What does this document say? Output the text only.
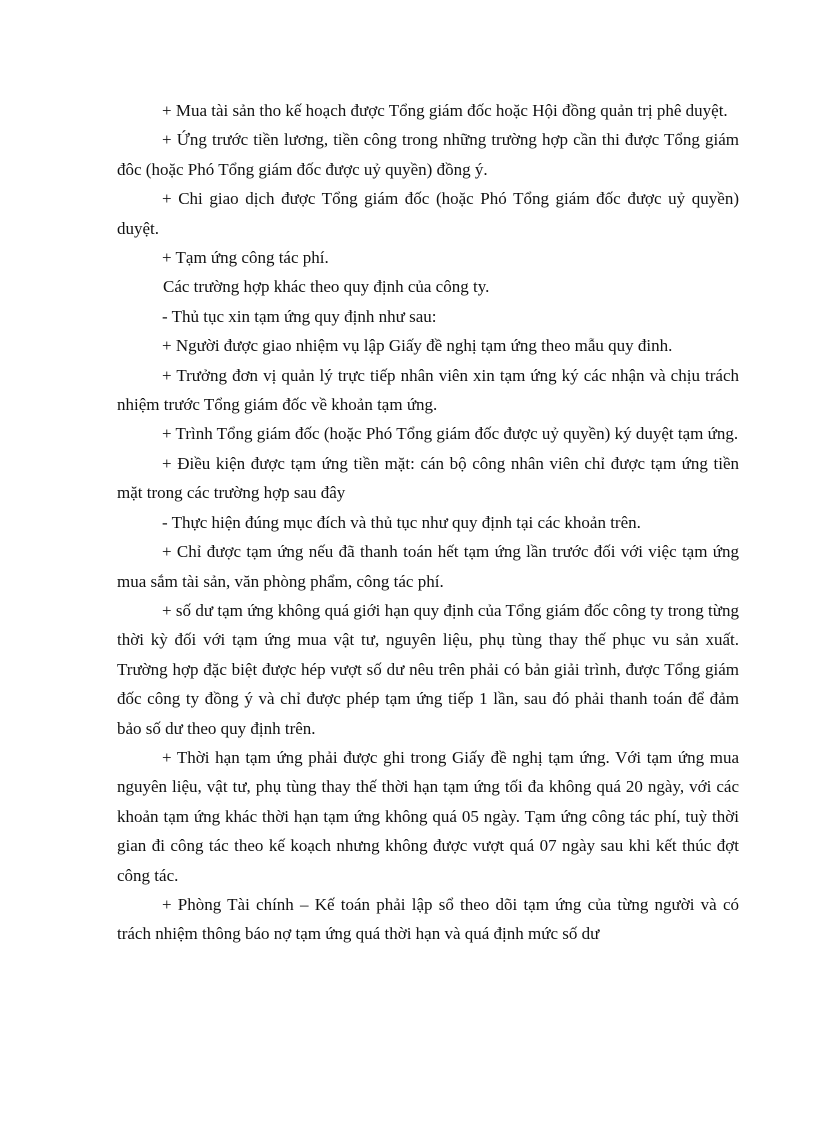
+ Mua tài sản tho kế hoạch được Tổng giám đốc hoặc Hội đồng quản trị phê duyệt.

+ Ứng trước tiền lương, tiền công trong những trường hợp cần thi được Tổng giám đôc (hoặc Phó Tổng giám đốc được uỷ quyền) đồng ý.

+ Chi giao dịch được Tổng giám đốc (hoặc Phó Tổng giám đốc được uỷ quyền) duyệt.

+ Tạm ứng công tác phí.

Các trường hợp khác theo quy định của công ty.

- Thủ tục xin tạm ứng quy định như sau:

+ Người được giao nhiệm vụ lập Giấy đề nghị tạm ứng theo mẫu quy đinh.

+ Trưởng đơn vị quản lý trực tiếp nhân viên xin tạm ứng ký các nhận và chịu trách nhiệm trước Tổng giám đốc về khoản tạm ứng.

+ Trình Tổng giám đốc (hoặc Phó Tổng giám đốc được uỷ quyền) ký duyệt tạm ứng.

+ Điều kiện được tạm ứng tiền mặt: cán bộ công nhân viên chỉ được tạm ứng tiền mặt trong các trường hợp sau đây

- Thực hiện đúng mục đích và thủ tục như quy định tại các khoản trên.

+ Chỉ được tạm ứng nếu đã thanh toán hết tạm ứng lần trước đối với việc tạm ứng mua sắm tài sản, văn phòng phẩm, công tác phí.

+ số dư tạm ứng không quá giới hạn quy định của Tổng giám đốc công ty trong từng thời kỳ đối với tạm ứng mua vật tư, nguyên liệu, phụ tùng thay thế phục vu sản xuất. Trường hợp đặc biệt được hép vượt số dư nêu trên phải có bản giải trình, được Tổng giám đốc công ty đồng ý và chỉ được phép tạm ứng tiếp 1 lần, sau đó phải thanh toán để đảm bảo số dư theo quy định trên.

+ Thời hạn tạm ứng phải được ghi trong Giấy đề nghị tạm ứng. Với tạm ứng mua nguyên liệu, vật tư, phụ tùng thay thế thời hạn tạm ứng tối đa không quá 20 ngày, với các khoản tạm ứng khác thời hạn tạm ứng không quá 05 ngày. Tạm ứng công tác phí, tuỳ thời gian đi công tác theo kế koạch nhưng không được vượt quá 07 ngày sau khi kết thúc đợt công tác.

+ Phòng Tài chính – Kế toán phải lập sổ theo dõi tạm ứng của từng người và có trách nhiệm thông báo nợ tạm ứng quá thời hạn và quá định mức số dư
